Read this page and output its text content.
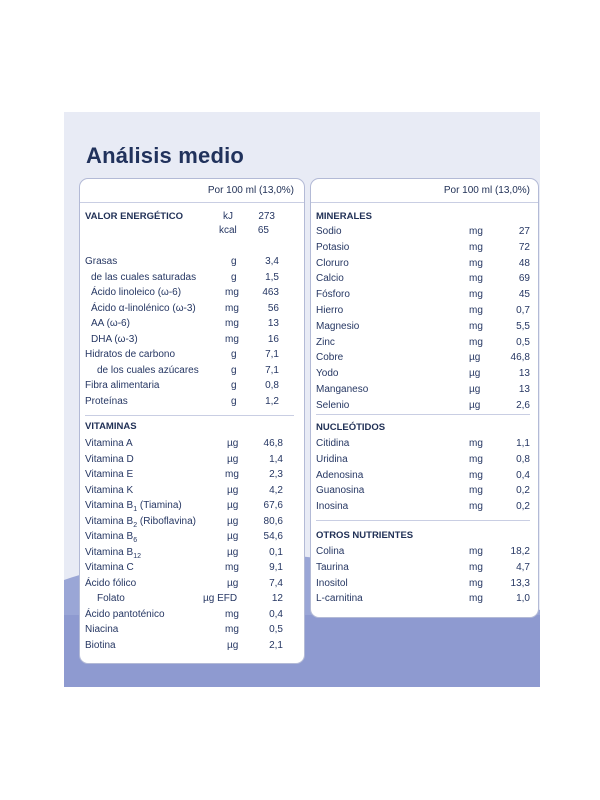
Análisis medio
Por 100 ml (13,0%)
VALOR ENERGÉTICO	kJ	273
kcal 65
Grasas	g	3,4
de las cuales saturadas	g	1,5
Ácido linoleico (ω-6)	mg 463
Ácido α-linolénico (ω-3)	mg	56
AA (ω-6)	mg	13
DHA (ω-3)	mg	16
Hidratos de carbono	g	7,1
de los cuales azúcares	g	7,1
Fibra alimentaria	g	0,8
Proteínas	g	1,2
VITAMINAS
Vitamina A	µg	46,8
Vitamina D	µg	1,4
Vitamina E	mg	2,3
Vitamina K	µg	4,2
Vitamina $B_1$ (Tiamina)	µg	67,6
Vitamina $B_2$ (Riboflavina)	µg	80,6
Vitamina $B_6$	µg	54,6
Vitamina $B_{12}$	µg	0,1
Vitamina C	mg	9,1
Ácido fólico	µg	7,4
Folato	µg EFD	12
Ácido pantoténico	mg	0,4
Niacina	mg	0,5
Biotina	µg	2,1
Por 100 ml (13,0%)
MINERALES
Sodio	mg	27
Potasio	mg	72
Cloruro	mg	48
Calcio	mg	69
Fósforo	mg	45
Hierro	mg	0,7
Magnesio	mg	5,5
Zinc	mg	0,5
Cobre	µg	46,8
Yodo	µg	13
Manganeso	µg	13
Selenio	µg	2,6
NUCLEÓTIDOS
Citidina	mg	1,1
Uridina	mg	0,8
Adenosina	mg	0,4
Guanosina	mg	0,2
Inosina	mg	0,2
OTROS NUTRIENTES
Colina	mg	18,2
Taurina	mg	4,7
Inositol	mg	13,3
L-carnitina	mg	1,0
